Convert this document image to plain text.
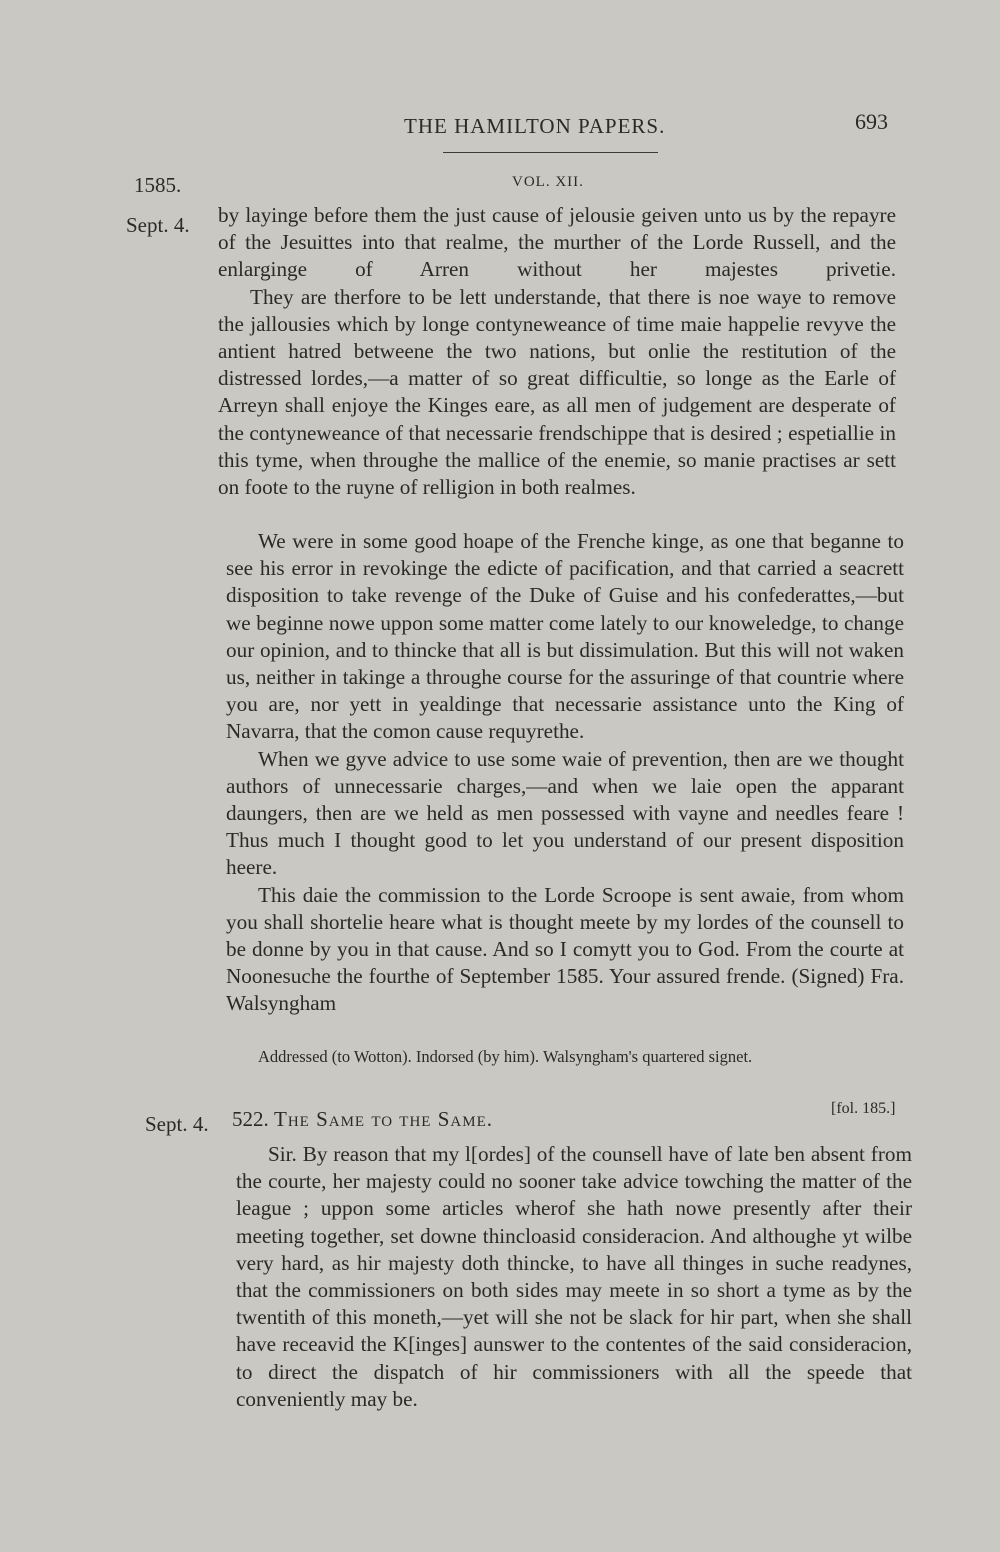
THE HAMILTON PAPERS.	693
1585.	VOL. XII.
Sept. 4. by layinge before them the just cause of jelousie geiven unto us by the repayre of the Jesuittes into that realme, the murther of the Lorde Russell, and the enlarginge of Arren without her majestes privetie.

They are therfore to be lett understande, that there is noe waye to remove the jallousies which by longe contyneweance of time maie happelie revyve the antient hatred betweene the two nations, but onlie the restitution of the distressed lordes,—a matter of so great difficultie, so longe as the Earle of Arreyn shall enjoye the Kinges eare, as all men of judgement are desperate of the contyneweance of that necessarie frendschippe that is desired ; espetiallie in this tyme, when throughe the mallice of the enemie, so manie practises ar sett on foote to the ruyne of relligion in both realmes.

We were in some good hoape of the Frenche kinge, as one that beganne to see his error in revokinge the edicte of pacification, and that carried a seacrett disposition to take revenge of the Duke of Guise and his confederattes,—but we beginne nowe uppon some matter come lately to our knoweledge, to change our opinion, and to thincke that all is but dissimulation. But this will not waken us, neither in takinge a throughe course for the assuringe of that countrie where you are, nor yett in yealdinge that necessarie assistance unto the King of Navarra, that the comon cause requyrethe.

When we gyve advice to use some waie of prevention, then are we thought authors of unnecessarie charges,—and when we laie open the apparant daungers, then are we held as men possessed with vayne and needles feare ! Thus much I thought good to let you understand of our present disposition heere.

This daie the commission to the Lorde Scroope is sent awaie, from whom you shall shortelie heare what is thought meete by my lordes of the counsell to be donne by you in that cause. And so I comytt you to God. From the courte at Noonesuche the fourthe of September 1585. Your assured frende. (Signed) Fra. Walsyngham

Addressed (to Wotton). Indorsed (by him). Walsyngham's quartered signet.
Sept. 4. 522. The Same to the Same.	[fol. 185.]

Sir. By reason that my l[ordes] of the counsell have of late ben absent from the courte, her majesty could no sooner take advice towching the matter of the league ; uppon some articles wherof she hath nowe presently after their meeting together, set downe thincloasid consideracion. And althoughe yt wilbe very hard, as hir majesty doth thincke, to have all thinges in suche readynes, that the commissioners on both sides may meete in so short a tyme as by the twentith of this moneth,—yet will she not be slack for hir part, when she shall have receavid the K[inges] aunswer to the contentes of the said consideracion, to direct the dispatch of hir commissioners with all the speede that conveniently may be.
